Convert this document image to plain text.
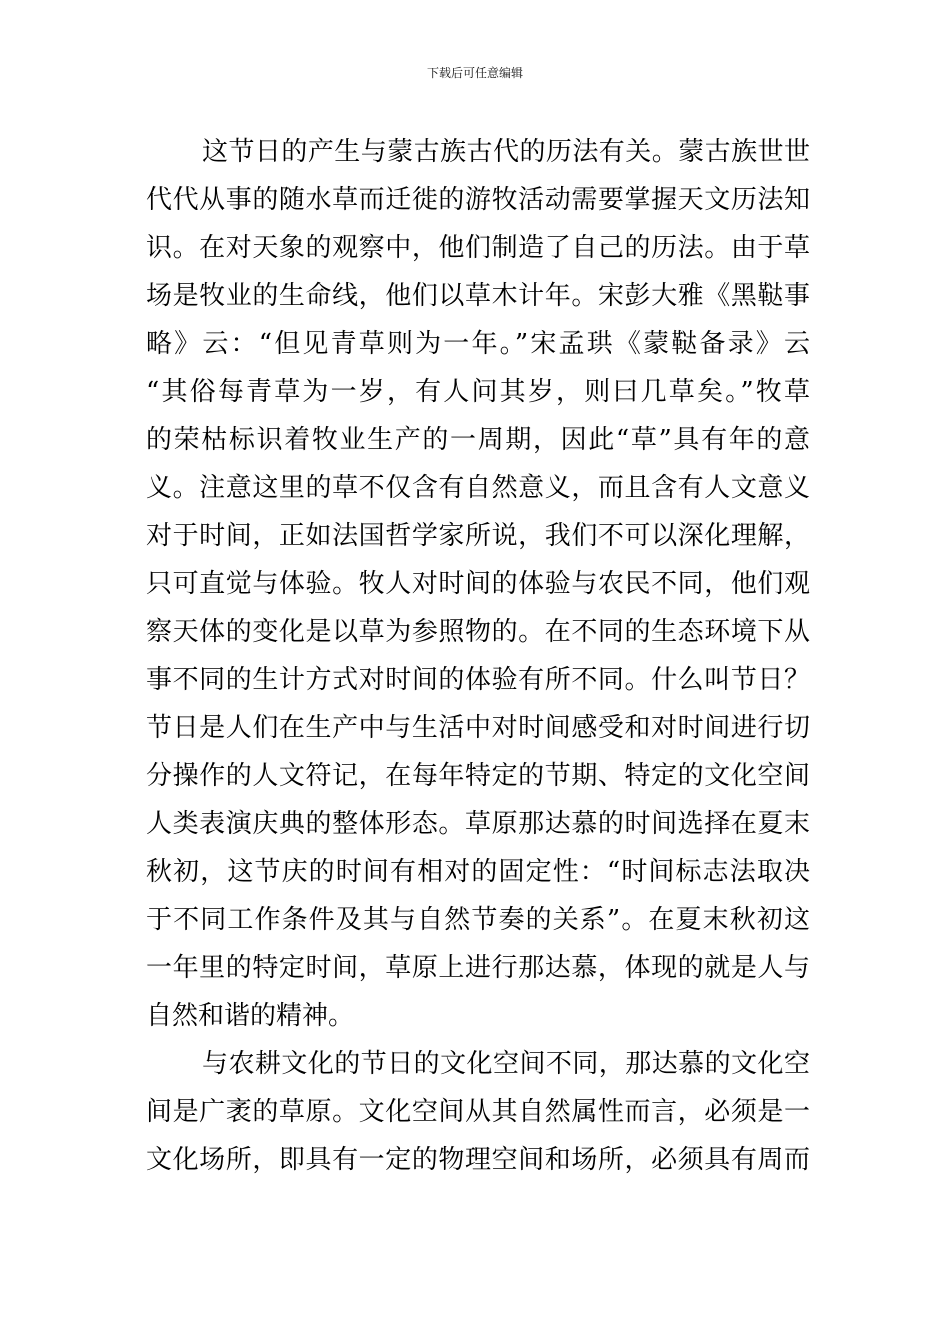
下载后可任意编辑
这节日的产生与蒙古族古代的历法有关。蒙古族世世
代代从事的随水草而迁徙的游牧活动需要掌握天文历法知
识。在对天象的观察中，他们制造了自己的历法。由于草
场是牧业的生命线，他们以草木计年。宋彭大雅《黑鞑事
略》云：“但见青草则为一年。”宋孟珙《蒙鞑备录》云
“其俗每青草为一岁，有人问其岁，则曰几草矣。”牧草
的荣枯标识着牧业生产的一周期，因此“草”具有年的意
义。注意这里的草不仅含有自然意义，而且含有人文意义
对于时间，正如法国哲学家所说，我们不可以深化理解，
只可直觉与体验。牧人对时间的体验与农民不同，他们观
察天体的变化是以草为参照物的。在不同的生态环境下从
事不同的生计方式对时间的体验有所不同。什么叫节日？
节日是人们在生产中与生活中对时间感受和对时间进行切
分操作的人文符记，在每年特定的节期、特定的文化空间
人类表演庆典的整体形态。草原那达慕的时间选择在夏末
秋初，这节庆的时间有相对的固定性：“时间标志法取决
于不同工作条件及其与自然节奏的关系”。在夏末秋初这
一年里的特定时间，草原上进行那达慕，体现的就是人与
自然和谐的精神。
与农耕文化的节日的文化空间不同，那达慕的文化空
间是广袤的草原。文化空间从其自然属性而言，必须是一
文化场所，即具有一定的物理空间和场所，必须具有周而
